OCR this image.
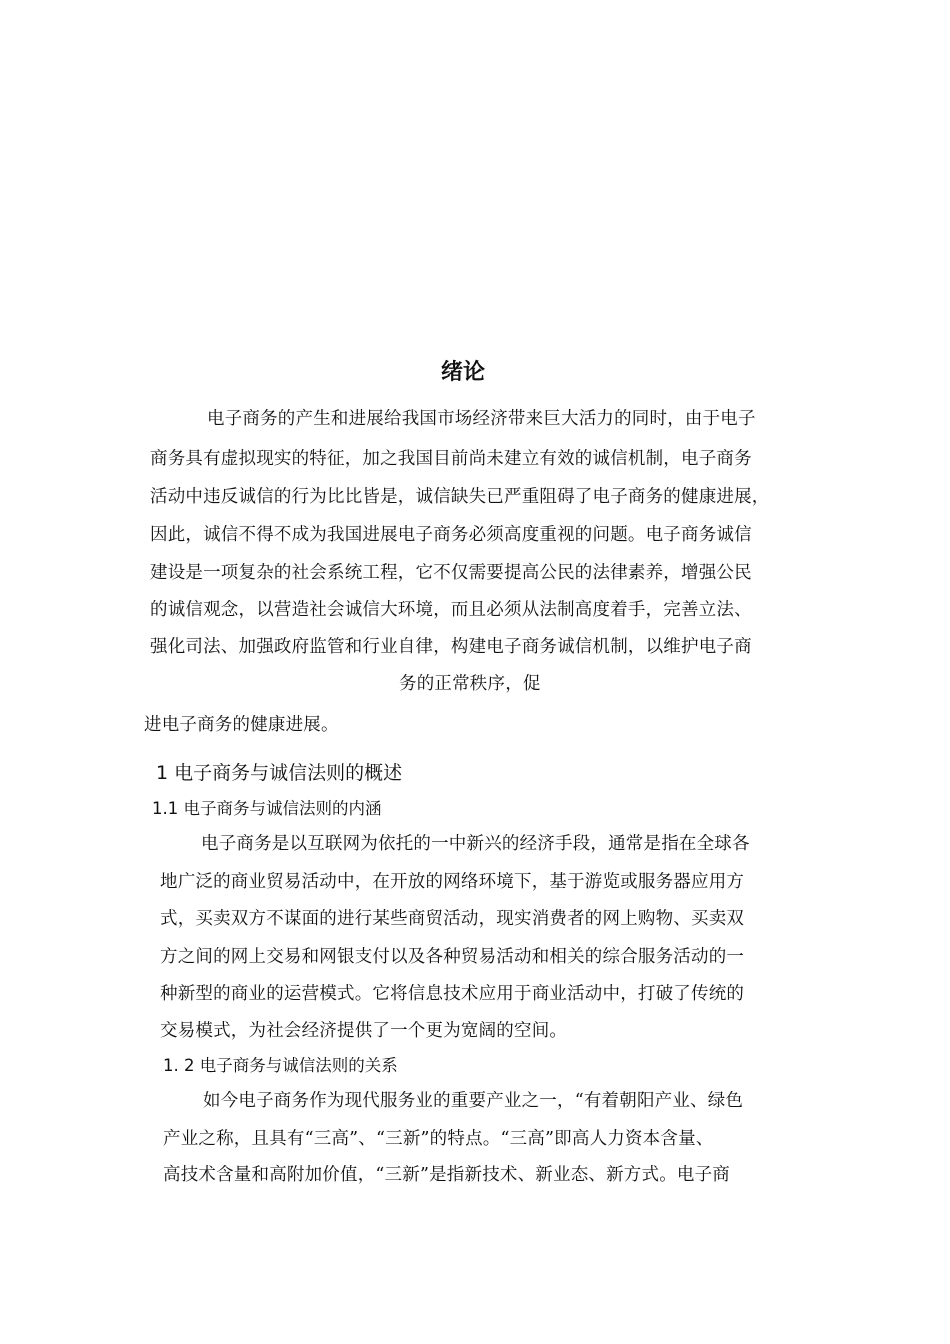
绪论
电子商务的产生和进展给我国市场经济带来巨大活力的同时，由于电子
商务具有虚拟现实的特征，加之我国目前尚未建立有效的诚信机制，电子商务
活动中违反诚信的行为比比皆是，诚信缺失已严重阻碍了电子商务的健康进展，
因此，诚信不得不成为我国进展电子商务必须高度重视的问题。电子商务诚信
建设是一项复杂的社会系统工程，它不仅需要提高公民的法律素养，增强公民
的诚信观念，以营造社会诚信大环境，而且必须从法制高度着手，完善立法、
强化司法、加强政府监管和行业自律，构建电子商务诚信机制，以维护电子商
务的正常秩序，促
进电子商务的健康进展。
1 电子商务与诚信法则的概述
1.1 电子商务与诚信法则的内涵
电子商务是以互联网为依托的一中新兴的经济手段，通常是指在全球各
地广泛的商业贸易活动中，在开放的网络环境下，基于游览或服务器应用方
式，买卖双方不谋面的进行某些商贸活动，现实消费者的网上购物、买卖双
方之间的网上交易和网银支付以及各种贸易活动和相关的综合服务活动的一
种新型的商业的运营模式。它将信息技术应用于商业活动中，打破了传统的
交易模式，为社会经济提供了一个更为宽阔的空间。
1. 2 电子商务与诚信法则的关系
如今电子商务作为现代服务业的重要产业之一，“有着朝阳产业、绿色
产业之称，且具有“三高”、“三新”的特点。“三高”即高人力资本含量、
高技术含量和高附加价值，“三新”是指新技术、新业态、新方式。电子商
